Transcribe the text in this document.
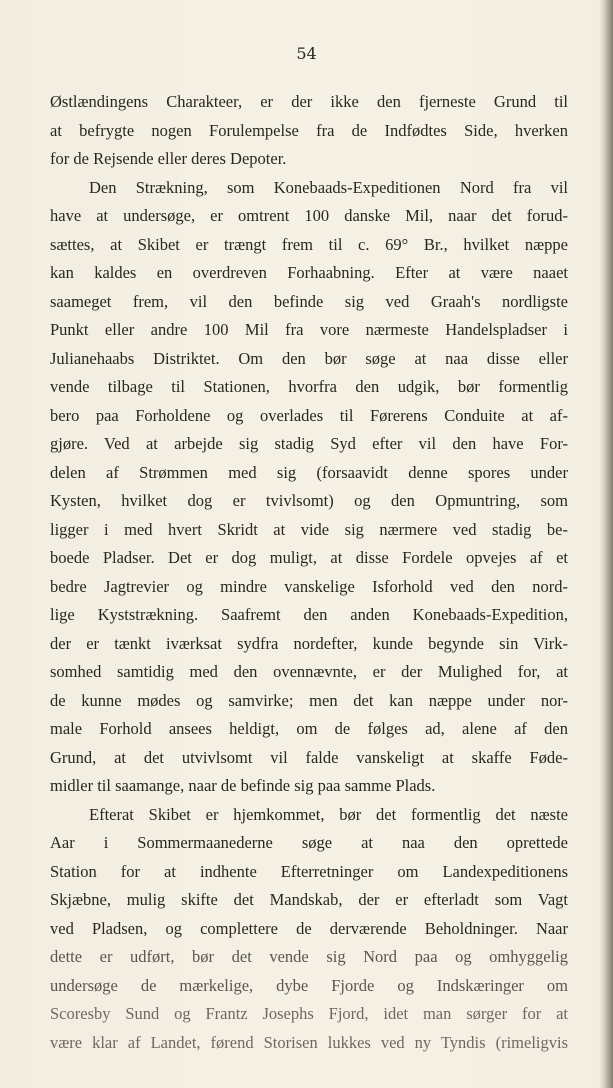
54

Østlændingens Charakteer, er der ikke den fjerneste Grund til
at befrygte nogen Forulempelse fra de Indfødtes Side, hverken
for de Rejsende eller deres Depoter.
Den Strækning, som Konebaads-Expeditionen Nord fra vil
have at undersøge, er omtrent 100 danske Mil, naar det forud-
sættes, at Skibet er trængt frem til c. 69° Br., hvilket næppe
kan kaldes en overdreven Forhaabning. Efter at være naaet
saameget frem, vil den befinde sig ved Graah's nordligste
Punkt eller andre 100 Mil fra vore nærmeste Handelspladser i
Julianehaabs Distriktet. Om den bør søge at naa disse eller
vende tilbage til Stationen, hvorfra den udgik, bør formentlig
bero paa Forholdene og overlades til Førerens Conduite at af-
gjøre. Ved at arbejde sig stadig Syd efter vil den have For-
delen af Strømmen med sig (forsaavidt denne spores under
Kysten, hvilket dog er tvivlsomt) og den Opmuntring, som
ligger i med hvert Skridt at vide sig nærmere ved stadig be-
boede Pladser. Det er dog muligt, at disse Fordele opvejes af et
bedre Jagtrevier og mindre vanskelige Isforhold ved den nord-
lige Kyststrækning. Saafremt den anden Konebaads-Expedition,
der er tænkt iværksat sydfra nordefter, kunde begynde sin Virk-
somhed samtidig med den ovennævnte, er der Mulighed for, at
de kunne mødes og samvirke; men det kan næppe under nor-
male Forhold ansees heldigt, om de følges ad, alene af den
Grund, at det utvivlsomt vil falde vanskeligt at skaffe Føde-
midler til saamange, naar de befinde sig paa samme Plads.
Efterat Skibet er hjemkommet, bør det formentlig det næste
Aar i Sommermaanederne søge at naa den oprettede
Station for at indhente Efterretninger om Landexpeditionens
Skjæbne, mulig skifte det Mandskab, der er efterladt som Vagt
ved Pladsen, og complettere de derværende Beholdninger. Naar
dette er udført, bør det vende sig Nord paa og omhyggelig
undersøge de mærkelige, dybe Fjorde og Indskæringer om
Scoresby Sund og Frantz Josephs Fjord, idet man sørger for at
være klar af Landet, førend Storisen lukkes ved ny Tyndis (rimeligvis
